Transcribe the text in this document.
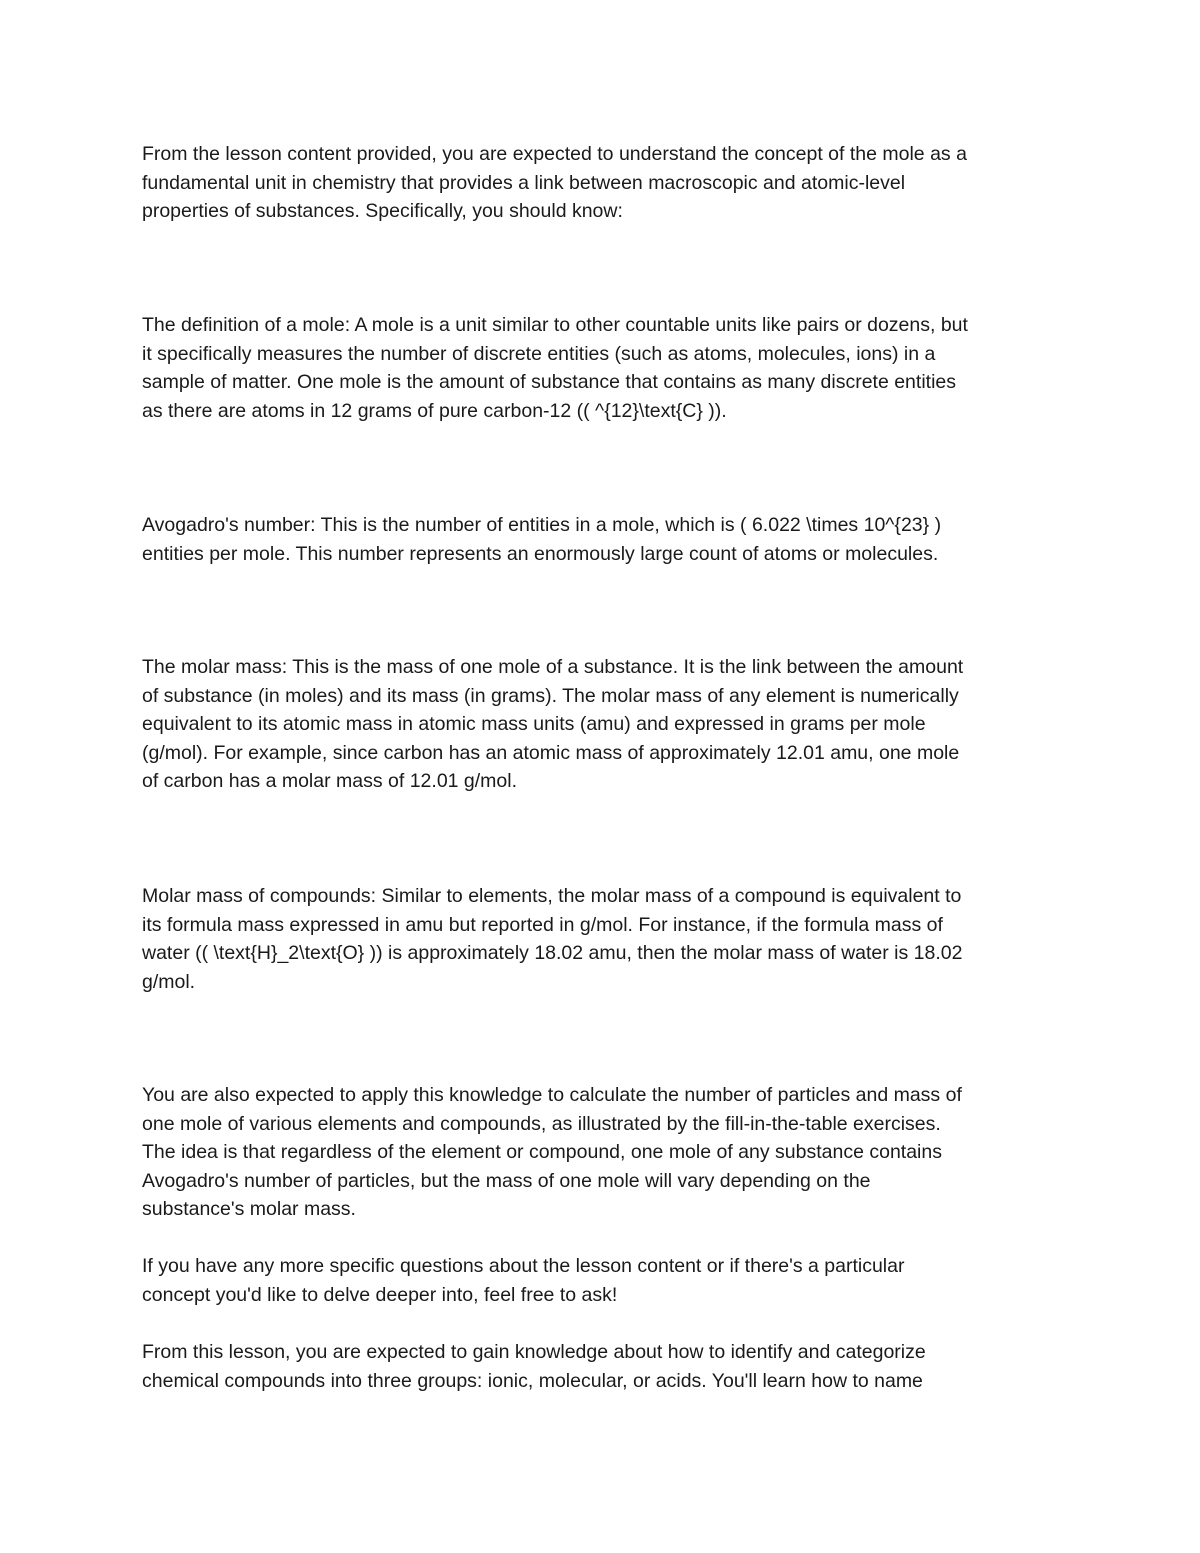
From the lesson content provided, you are expected to understand the concept of the mole as a
fundamental unit in chemistry that provides a link between macroscopic and atomic-level
properties of substances. Specifically, you should know:

The definition of a mole: A mole is a unit similar to other countable units like pairs or dozens, but
it specifically measures the number of discrete entities (such as atoms, molecules, ions) in a
sample of matter. One mole is the amount of substance that contains as many discrete entities
as there are atoms in 12 grams of pure carbon-12 (( ^{12}\text{C} )).

Avogadro's number: This is the number of entities in a mole, which is ( 6.022 \times 10^{23} )
entities per mole. This number represents an enormously large count of atoms or molecules.

The molar mass: This is the mass of one mole of a substance. It is the link between the amount
of substance (in moles) and its mass (in grams). The molar mass of any element is numerically
equivalent to its atomic mass in atomic mass units (amu) and expressed in grams per mole
(g/mol). For example, since carbon has an atomic mass of approximately 12.01 amu, one mole
of carbon has a molar mass of 12.01 g/mol.

Molar mass of compounds: Similar to elements, the molar mass of a compound is equivalent to
its formula mass expressed in amu but reported in g/mol. For instance, if the formula mass of
water (( \text{H}_2\text{O} )) is approximately 18.02 amu, then the molar mass of water is 18.02
g/mol.

You are also expected to apply this knowledge to calculate the number of particles and mass of
one mole of various elements and compounds, as illustrated by the fill-in-the-table exercises.
The idea is that regardless of the element or compound, one mole of any substance contains
Avogadro's number of particles, but the mass of one mole will vary depending on the
substance's molar mass.

If you have any more specific questions about the lesson content or if there's a particular
concept you'd like to delve deeper into, feel free to ask!

From this lesson, you are expected to gain knowledge about how to identify and categorize
chemical compounds into three groups: ionic, molecular, or acids. You'll learn how to name
